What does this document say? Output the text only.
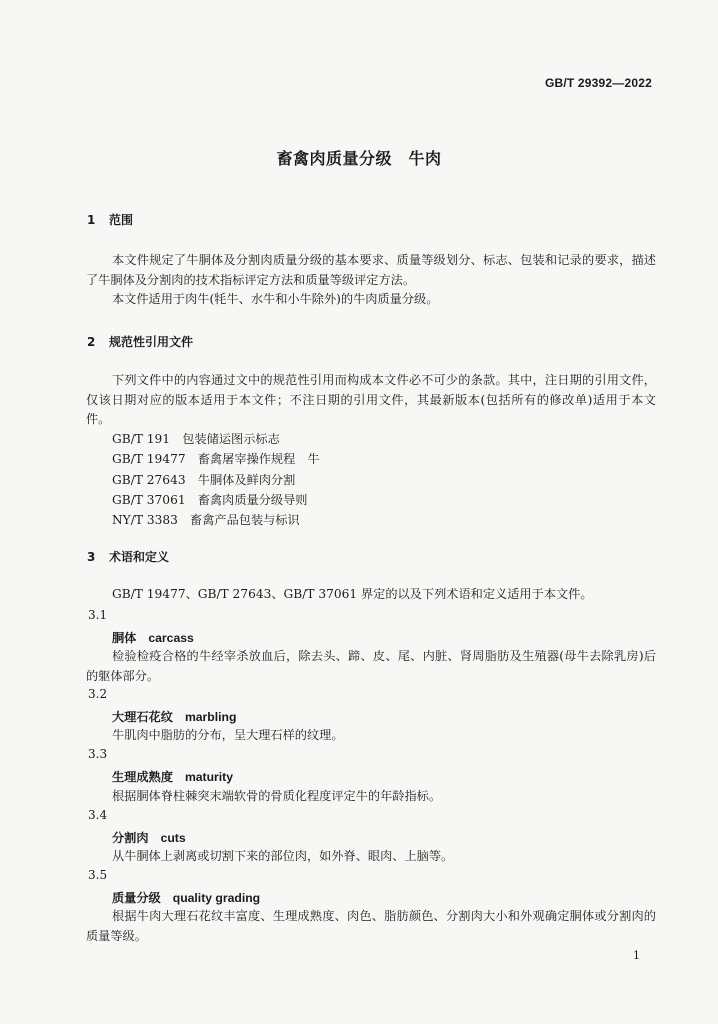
GB/T 29392—2022
畜禽肉质量分级　牛肉
1 范围

本文件规定了牛胴体及分割肉质量分级的基本要求、质量等级划分、标志、包装和记录的要求，描述了牛胴体及分割肉的技术指标评定方法和质量等级评定方法。

本文件适用于肉牛(牦牛、水牛和小牛除外)的牛肉质量分级。

2 规范性引用文件

下列文件中的内容通过文中的规范性引用而构成本文件必不可少的条款。其中，注日期的引用文件，仅该日期对应的版本适用于本文件；不注日期的引用文件，其最新版本(包括所有的修改单)适用于本文件。

GB/T 191　 包装储运图示标志
GB/T 19477　 畜禽屠宰操作规程　牛
GB/T 27643　 牛胴体及鲜肉分割
GB/T 37061　 畜禽肉质量分级导则
NY/T 3383　 畜禽产品包装与标识
3 术语和定义

GB/T 19477、GB/T 27643、GB/T 37061 界定的以及下列术语和定义适用于本文件。

3.1
胴体 carcass

检验检疫合格的牛经宰杀放血后，除去头、蹄、皮、尾、内脏、肾周脂肪及生殖器(母牛去除乳房)后的躯体部分。

3.2
大理石花纹 marbling

牛肌肉中脂肪的分布，呈大理石样的纹理。

3.3
生理成熟度 maturity

根据胴体脊柱棘突末端软骨的骨质化程度评定牛的年龄指标。

3.4
分割肉 cuts

从牛胴体上剥离或切割下来的部位肉，如外脊、眼肉、上脑等。

3.5
质量分级 quality grading

根据牛肉大理石花纹丰富度、生理成熟度、肉色、脂肪颜色、分割肉大小和外观确定胴体或分割肉的质量等级。

1
